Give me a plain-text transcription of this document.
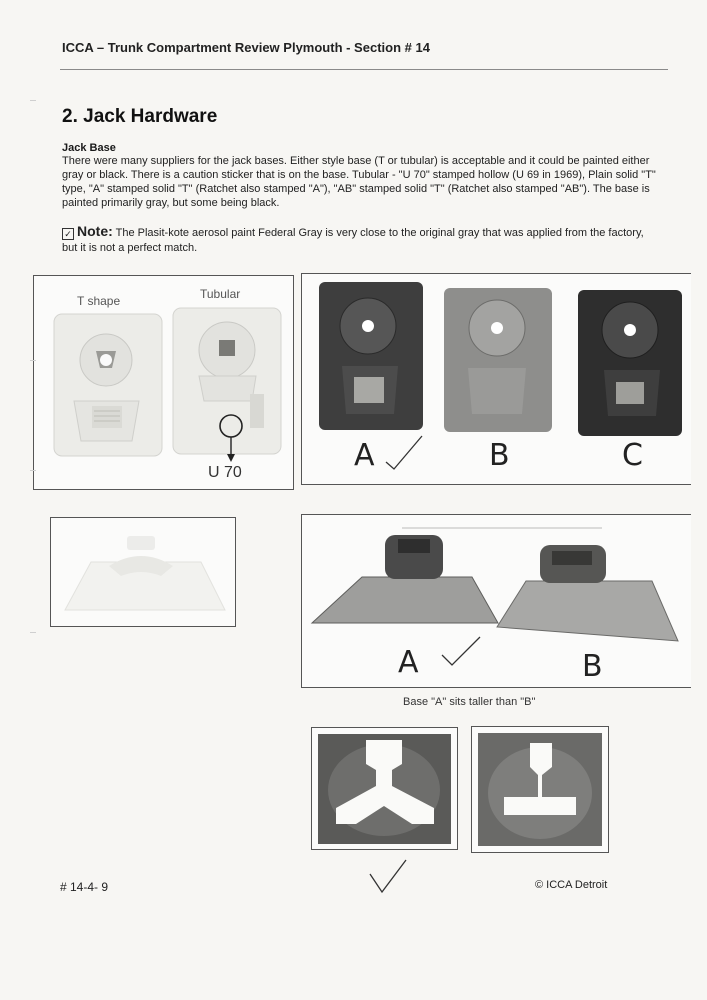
ICCA – Trunk Compartment Review Plymouth - Section # 14
2. Jack Hardware
Jack Base
There were many suppliers for the jack bases. Either style base (T or tubular) is acceptable and it could be painted either gray or black. There is a caution sticker that is on the base. Tubular - "U 70" stamped hollow (U 69 in 1969), Plain solid "T" type, "A" stamped solid "T" (Ratchet also stamped "A"), "AB" stamped solid "T" (Ratchet also stamped "AB"). The base is painted primarily gray, but some being black.
✓ Note: The Plasit-kote aerosol paint Federal Gray is very close to the original gray that was applied from the factory, but it is not a perfect match.
T shape	Tubular
U 70	A	B	C
A	B
Base "A" sits taller than "B"
# 14-4- 9	© ICCA Detroit
